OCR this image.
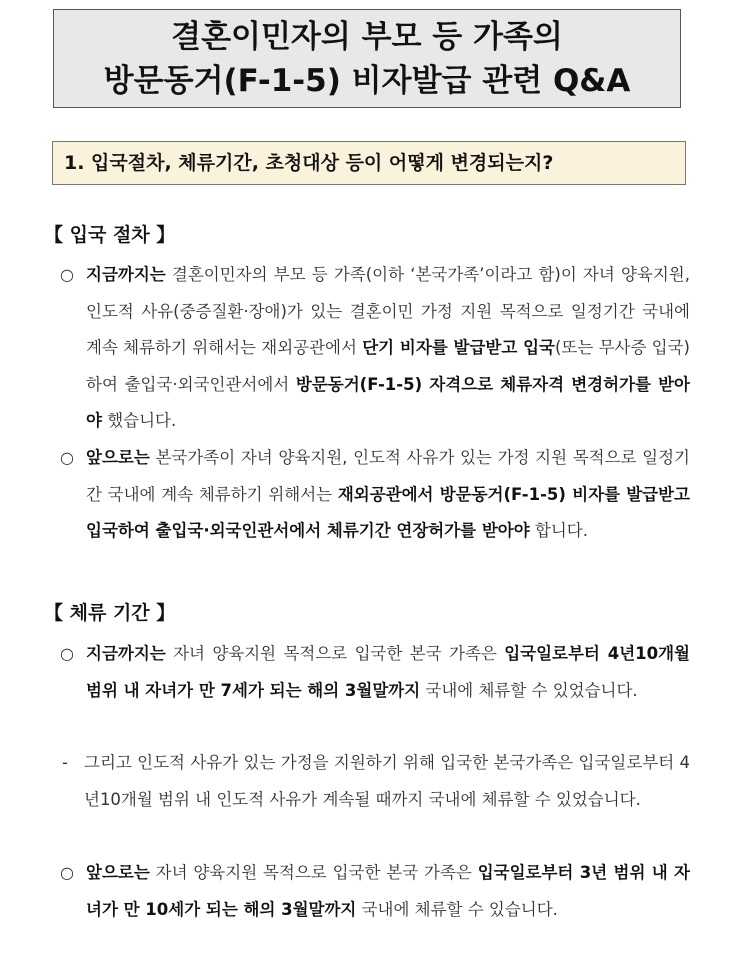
결혼이민자의 부모 등 가족의
방문동거(F-1-5) 비자발급 관련 Q&A
1. 입국절차, 체류기간, 초청대상 등이 어떻게 변경되는지?
【 입국 절차 】
○ 지금까지는 결혼이민자의 부모 등 가족(이하 ‘본국가족’이라고 함)이 자녀 양육지원, 인도적 사유(중증질환·장애)가 있는 결혼이민 가정 지원 목적으로 일정기간 국내에 계속 체류하기 위해서는 재외공관에서 단기 비자를 발급받고 입국(또는 무사증 입국)하여 출입국·외국인관서에서 방문동거(F-1-5) 자격으로 체류자격 변경허가를 받아야 했습니다.
○ 앞으로는 본국가족이 자녀 양육지원, 인도적 사유가 있는 가정 지원 목적으로 일정기간 국내에 계속 체류하기 위해서는 재외공관에서 방문동거(F-1-5) 비자를 발급받고 입국하여 출입국·외국인관서에서 체류기간 연장허가를 받아야 합니다.
【 체류 기간 】
○ 지금까지는 자녀 양육지원 목적으로 입국한 본국 가족은 입국일로부터 4년10개월 범위 내 자녀가 만 7세가 되는 해의 3월말까지 국내에 체류할 수 있었습니다.
- 그리고 인도적 사유가 있는 가정을 지원하기 위해 입국한 본국가족은 입국일로부터 4년10개월 범위 내 인도적 사유가 계속될 때까지 국내에 체류할 수 있었습니다.
○ 앞으로는 자녀 양육지원 목적으로 입국한 본국 가족은 입국일로부터 3년 범위 내 자녀가 만 10세가 되는 해의 3월말까지 국내에 체류할 수 있습니다.
